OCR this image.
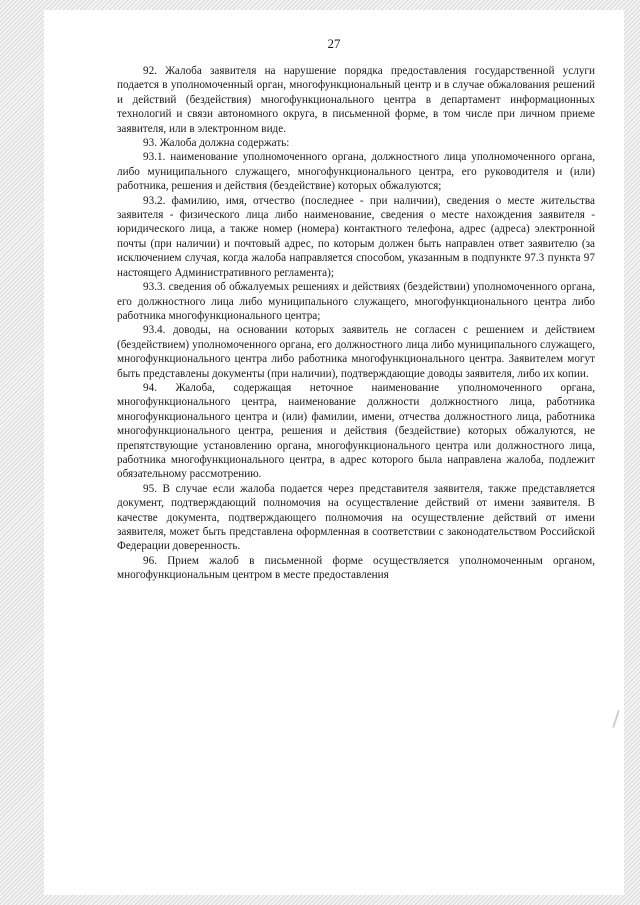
27

92. Жалоба заявителя на нарушение порядка предоставления государственной услуги подается в уполномоченный орган, многофункциональный центр и в случае обжалования решений и действий (бездействия) многофункционального центра в департамент информационных технологий и связи автономного округа, в письменной форме, в том числе при личном приеме заявителя, или в электронном виде.

93. Жалоба должна содержать:

93.1. наименование уполномоченного органа, должностного лица уполномоченного органа, либо муниципального служащего, многофункционального центра, его руководителя и (или) работника, решения и действия (бездействие) которых обжалуются;

93.2. фамилию, имя, отчество (последнее - при наличии), сведения о месте жительства заявителя - физического лица либо наименование, сведения о месте нахождения заявителя - юридического лица, а также номер (номера) контактного телефона, адрес (адреса) электронной почты (при наличии) и почтовый адрес, по которым должен быть направлен ответ заявителю (за исключением случая, когда жалоба направляется способом, указанным в подпункте 97.3 пункта 97 настоящего Административного регламента);

93.3. сведения об обжалуемых решениях и действиях (бездействии) уполномоченного органа, его должностного лица либо муниципального служащего, многофункционального центра либо работника многофункционального центра;

93.4. доводы, на основании которых заявитель не согласен с решением и действием (бездействием) уполномоченного органа, его должностного лица либо муниципального служащего, многофункционального центра либо работника многофункционального центра. Заявителем могут быть представлены документы (при наличии), подтверждающие доводы заявителя, либо их копии.

94. Жалоба, содержащая неточное наименование уполномоченного органа, многофункционального центра, наименование должности должностного лица, работника многофункционального центра и (или) фамилии, имени, отчества должностного лица, работника многофункционального центра, решения и действия (бездействие) которых обжалуются, не препятствующие установлению органа, многофункционального центра или должностного лица, работника многофункционального центра, в адрес которого была направлена жалоба, подлежит обязательному рассмотрению.

95. В случае если жалоба подается через представителя заявителя, также представляется документ, подтверждающий полномочия на осуществление действий от имени заявителя. В качестве документа, подтверждающего полномочия на осуществление действий от имени заявителя, может быть представлена оформленная в соответствии с законодательством Российской Федерации доверенность.

96. Прием жалоб в письменной форме осуществляется уполномоченным органом, многофункциональным центром в месте предоставления
